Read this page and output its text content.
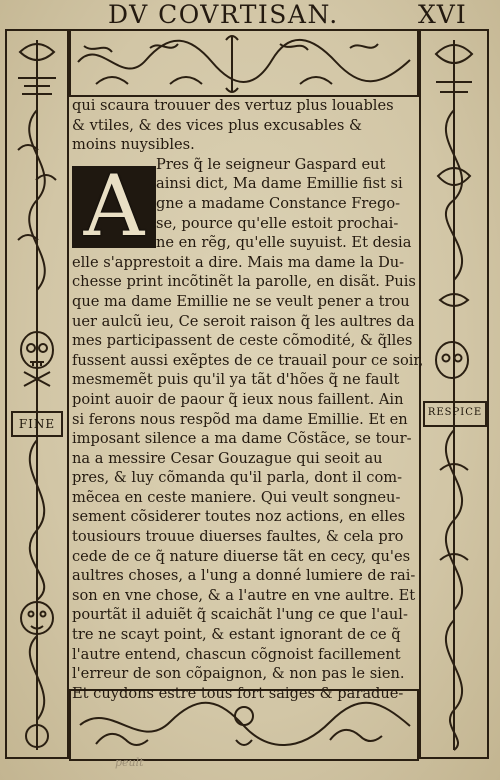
DV COVRTISAN.	XVI
FINE
RESPICE
A
qui scaura trouuer des vertuz plus louables
& vtiles, & des vices plus excusables &
moins nuysibles.
Pres q̃ le seigneur Gaspard eut
ainsi dict, Ma dame Emillie fist si
gne a madame Constance Frego-
se, pource qu'elle estoit prochai-
ne en rẽg, qu'elle suyuist. Et desia
elle s'apprestoit a dire. Mais ma dame la Du-
chesse print incõtinẽt la parolle, en disãt. Puis
que ma dame Emillie ne se veult pener a trou
uer aulcũ ieu, Ce seroit raison q̃ les aultres da
mes participassent de ceste cõmodité, & q̃lles
fussent aussi exẽptes de ce trauail pour ce soir,
mesmemẽt puis qu'il ya tãt d'hões q̃ ne fault
point auoir de paour q̃ ieux nous faillent. Ain
si ferons nous respõd ma dame Emillie. Et en
imposant silence a ma dame Cõstãce, se tour-
na a messire Cesar Gouzague qui seoit au
pres, & luy cõmanda qu'il parla, dont il com-
mẽcea en ceste maniere. Qui veult songneu-
sement cõsiderer toutes noz actions, en elles
tousiours trouue diuerses faultes, & cela pro
cede de ce q̃ nature diuerse tãt en cecy, qu'es
aultres choses, a l'ung a donné lumiere de rai-
son en vne chose, & a l'autre en vne aultre. Et
pourtãt il aduiẽt q̃ scaichãt l'ung ce que l'aul-
tre ne scayt point, & estant ignorant de ce q̃
l'autre entend, chascun cõgnoist facillement
l'erreur de son cõpaignon, & non pas le sien.
Et cuydons estre tous fort saiges & paradue-
peult
